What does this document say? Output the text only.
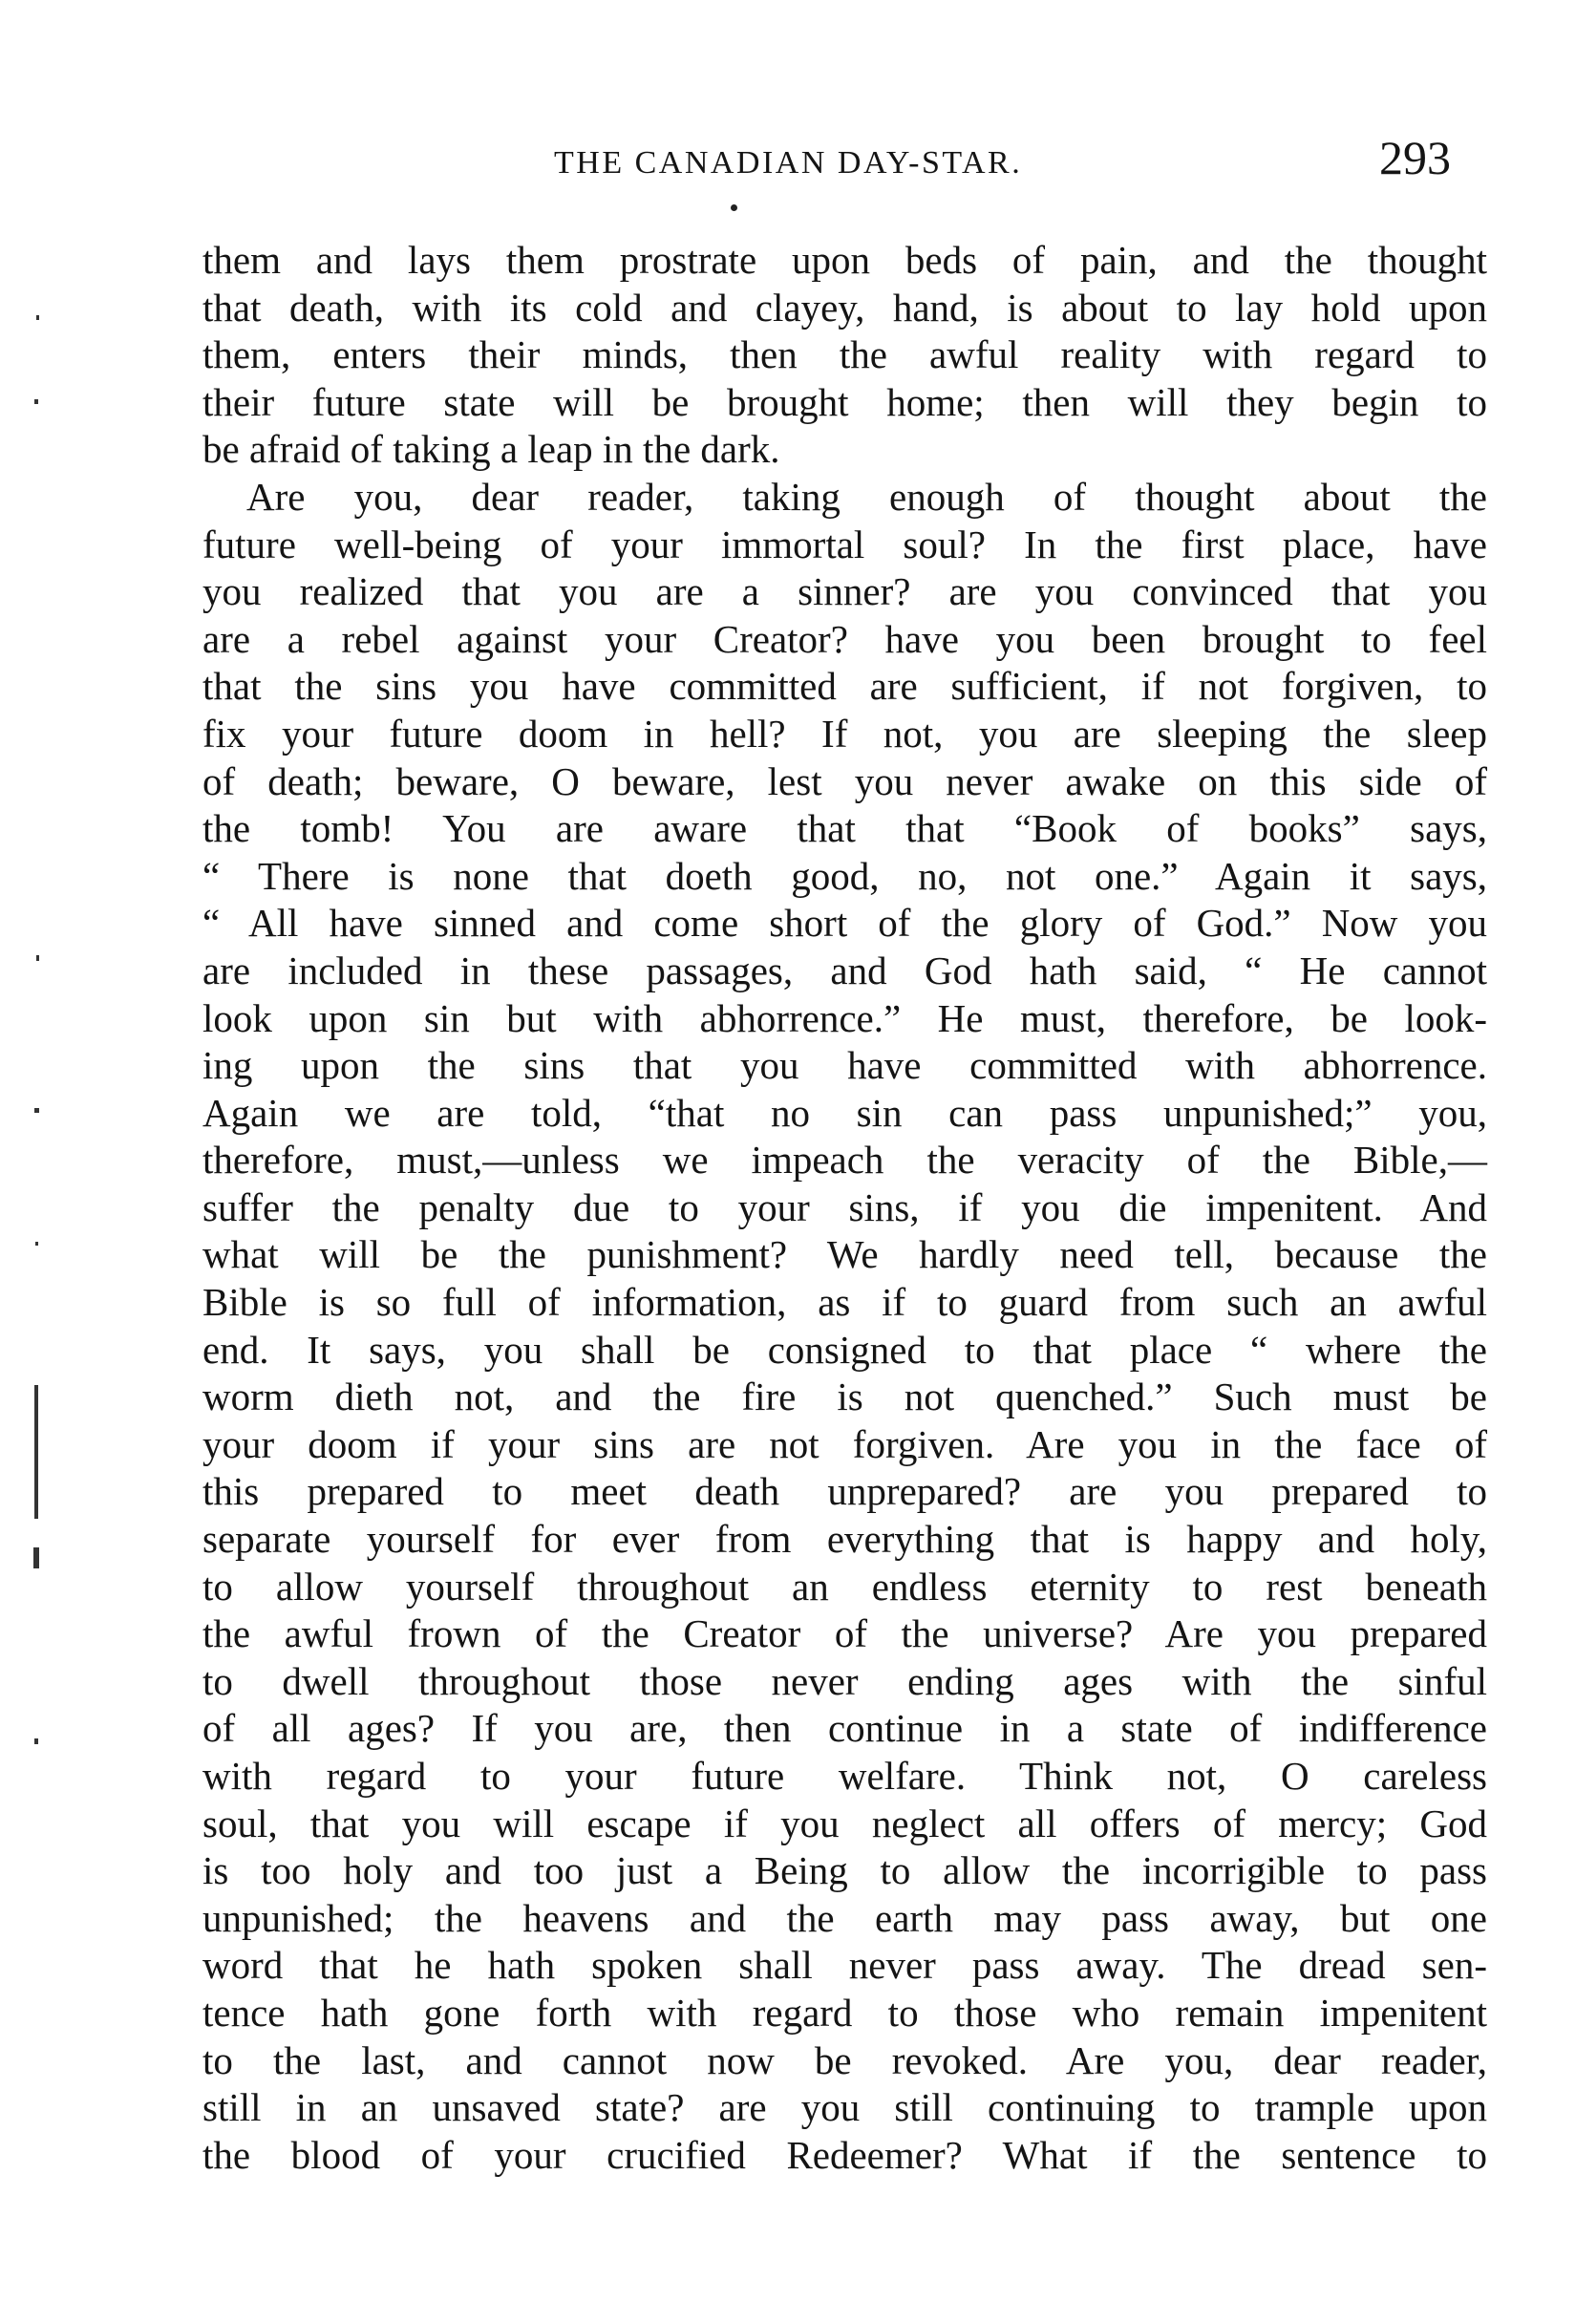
THE CANADIAN DAY-STAR.	293
them and lays them prostrate upon beds of pain, and the thought
that death, with its cold and clayey, hand, is about to lay hold upon
them, enters their minds, then the awful reality with regard to
their future state will be brought home; then will they begin to
be afraid of taking a leap in the dark.
Are you, dear reader, taking enough of thought about the
future well-being of your immortal soul? In the first place, have
you realized that you are a sinner? are you convinced that you
are a rebel against your Creator? have you been brought to feel
that the sins you have committed are sufficient, if not forgiven, to
fix your future doom in hell? If not, you are sleeping the sleep
of death; beware, O beware, lest you never awake on this side of
the tomb! You are aware that that “Book of books” says,
“ There is none that doeth good, no, not one.” Again it says,
“ All have sinned and come short of the glory of God.” Now you
are included in these passages, and God hath said, “ He cannot
look upon sin but with abhorrence.” He must, therefore, be look-
ing upon the sins that you have committed with abhorrence.
Again we are told, “that no sin can pass unpunished;” you,
therefore, must,—unless we impeach the veracity of the Bible,—
suffer the penalty due to your sins, if you die impenitent. And
what will be the punishment? We hardly need tell, because the
Bible is so full of information, as if to guard from such an awful
end. It says, you shall be consigned to that place “ where the
worm dieth not, and the fire is not quenched.” Such must be
your doom if your sins are not forgiven. Are you in the face of
this prepared to meet death unprepared? are you prepared to
separate yourself for ever from everything that is happy and holy,
to allow yourself throughout an endless eternity to rest beneath
the awful frown of the Creator of the universe? Are you prepared
to dwell throughout those never ending ages with the sinful
of all ages? If you are, then continue in a state of indifference
with regard to your future welfare. Think not, O careless
soul, that you will escape if you neglect all offers of mercy; God
is too holy and too just a Being to allow the incorrigible to pass
unpunished; the heavens and the earth may pass away, but one
word that he hath spoken shall never pass away. The dread sen-
tence hath gone forth with regard to those who remain impenitent
to the last, and cannot now be revoked. Are you, dear reader,
still in an unsaved state? are you still continuing to trample upon
the blood of your crucified Redeemer? What if the sentence to
